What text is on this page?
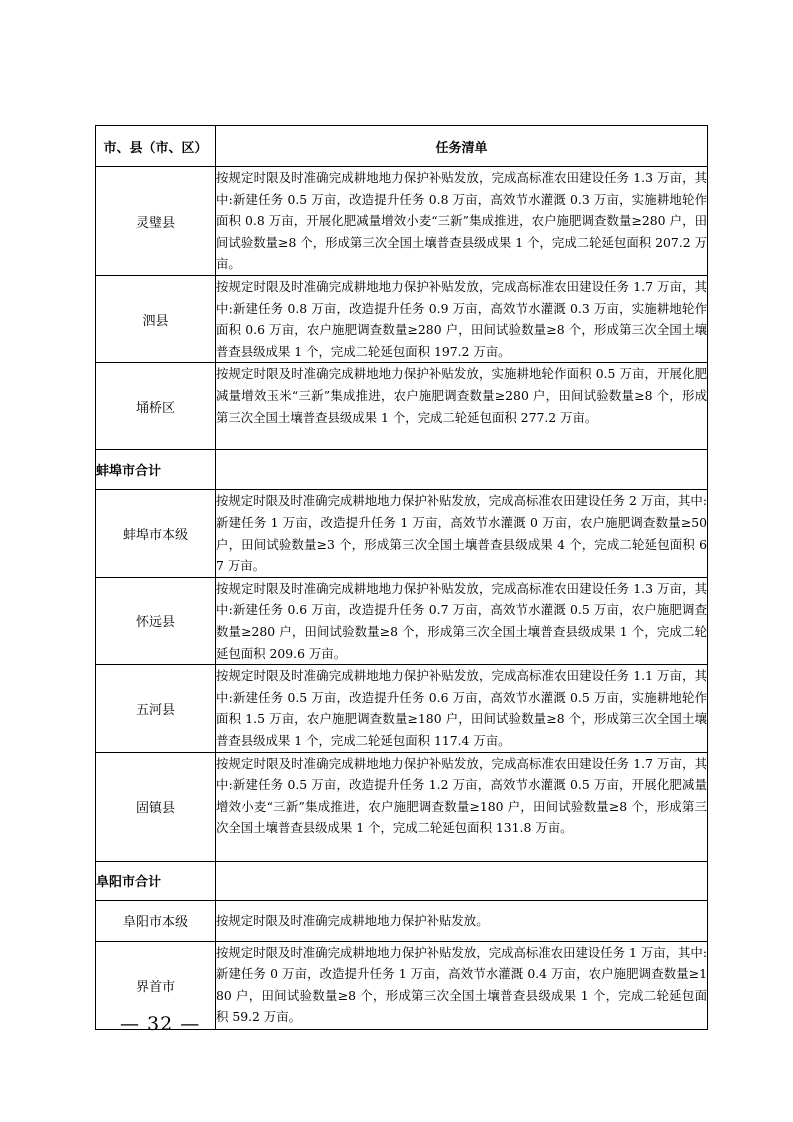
市、县（市、区）	任务清单
灵璧县	按规定时限及时准确完成耕地地力保护补贴发放，完成高标准农田建设任务 1.3 万亩，其中:新建任务 0.5 万亩，改造提升任务 0.8 万亩，高效节水灌溉 0.3 万亩，实施耕地轮作面积 0.8 万亩，开展化肥减量增效小麦“三新”集成推进，农户施肥调查数量≥280 户，田间试验数量≥8 个，形成第三次全国土壤普查县级成果 1 个，完成二轮延包面积 207.2 万亩。
泗县	按规定时限及时准确完成耕地地力保护补贴发放，完成高标准农田建设任务 1.7 万亩，其中:新建任务 0.8 万亩，改造提升任务 0.9 万亩，高效节水灌溉 0.3 万亩，实施耕地轮作面积 0.6 万亩，农户施肥调查数量≥280 户，田间试验数量≥8 个，形成第三次全国土壤普查县级成果 1 个，完成二轮延包面积 197.2 万亩。
埇桥区	按规定时限及时准确完成耕地地力保护补贴发放，实施耕地轮作面积 0.5 万亩，开展化肥减量增效玉米“三新”集成推进，农户施肥调查数量≥280 户，田间试验数量≥8 个，形成第三次全国土壤普查县级成果 1 个，完成二轮延包面积 277.2 万亩。
蚌埠市合计	
蚌埠市本级	按规定时限及时准确完成耕地地力保护补贴发放，完成高标准农田建设任务 2 万亩，其中:新建任务 1 万亩，改造提升任务 1 万亩，高效节水灌溉 0 万亩，农户施肥调查数量≥50 户，田间试验数量≥3 个，形成第三次全国土壤普查县级成果 4 个，完成二轮延包面积 67 万亩。
怀远县	按规定时限及时准确完成耕地地力保护补贴发放，完成高标准农田建设任务 1.3 万亩，其中:新建任务 0.6 万亩，改造提升任务 0.7 万亩，高效节水灌溉 0.5 万亩，农户施肥调查数量≥280 户，田间试验数量≥8 个，形成第三次全国土壤普查县级成果 1 个，完成二轮延包面积 209.6 万亩。
五河县	按规定时限及时准确完成耕地地力保护补贴发放，完成高标准农田建设任务 1.1 万亩，其中:新建任务 0.5 万亩，改造提升任务 0.6 万亩，高效节水灌溉 0.5 万亩，实施耕地轮作面积 1.5 万亩，农户施肥调查数量≥180 户，田间试验数量≥8 个，形成第三次全国土壤普查县级成果 1 个，完成二轮延包面积 117.4 万亩。
固镇县	按规定时限及时准确完成耕地地力保护补贴发放，完成高标准农田建设任务 1.7 万亩，其中:新建任务 0.5 万亩，改造提升任务 1.2 万亩，高效节水灌溉 0.5 万亩，开展化肥减量增效小麦“三新”集成推进，农户施肥调查数量≥180 户，田间试验数量≥8 个，形成第三次全国土壤普查县级成果 1 个，完成二轮延包面积 131.8 万亩。
阜阳市合计	
阜阳市本级	按规定时限及时准确完成耕地地力保护补贴发放。
界首市	按规定时限及时准确完成耕地地力保护补贴发放，完成高标准农田建设任务 1 万亩，其中:新建任务 0 万亩，改造提升任务 1 万亩，高效节水灌溉 0.4 万亩，农户施肥调查数量≥180 户，田间试验数量≥8 个，形成第三次全国土壤普查县级成果 1 个，完成二轮延包面积 59.2 万亩。
— 32 —
